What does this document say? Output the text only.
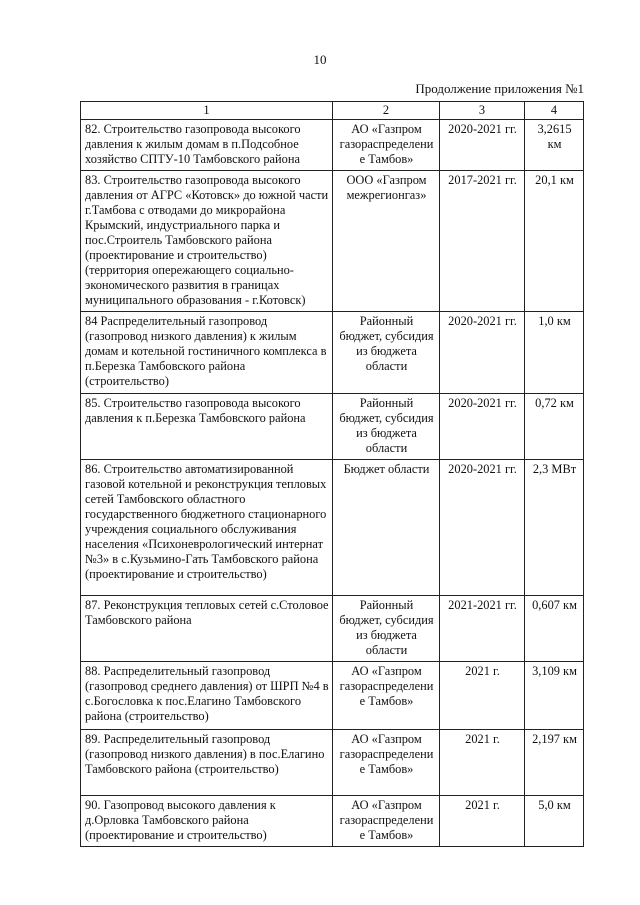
10
Продолжение приложения №1
1	2	3	4
82. Строительство газопровода высокого давления к жилым домам в п.Подсобное хозяйство СПТУ-10 Тамбовского района	АО «Газпром газораспределение Тамбов»	2020-2021 гг.	3,2615 км
83. Строительство газопровода высокого давления от АГРС «Котовск» до южной части г.Тамбова с отводами до микрорайона Крымский, индустриального парка и пос.Строитель Тамбовского района (проектирование и строительство) (территория опережающего социально-экономического развития в границах муниципального образования - г.Котовск)	ООО «Газпром межрегионгаз»	2017-2021 гг.	20,1 км
84 Распределительный газопровод (газопровод низкого давления) к жилым домам и котельной гостиничного комплекса в п.Березка Тамбовского района (строительство)	Районный бюджет, субсидия из бюджета области	2020-2021 гг.	1,0 км
85. Строительство газопровода высокого давления к п.Березка Тамбовского района	Районный бюджет, субсидия из бюджета области	2020-2021 гг.	0,72 км
86. Строительство автоматизированной газовой котельной и реконструкция тепловых сетей Тамбовского областного государственного бюджетного стационарного учреждения социального обслуживания населения «Психоневрологический интернат №3» в с.Кузьмино-Гать Тамбовского района (проектирование и строительство)	Бюджет области	2020-2021 гг.	2,3 МВт
87. Реконструкция тепловых сетей с.Столовое Тамбовского района	Районный бюджет, субсидия из бюджета области	2021-2021 гг.	0,607 км
88. Распределительный газопровод (газопровод среднего давления) от ШРП №4 в с.Богословка к пос.Елагино Тамбовского района (строительство)	АО «Газпром газораспределение Тамбов»	2021 г.	3,109 км
89. Распределительный газопровод (газопровод низкого давления) в пос.Елагино Тамбовского района (строительство)	АО «Газпром газораспределение Тамбов»	2021 г.	2,197 км
90. Газопровод высокого давления к д.Орловка Тамбовского района (проектирование и строительство)	АО «Газпром газораспределение Тамбов»	2021 г.	5,0 км
